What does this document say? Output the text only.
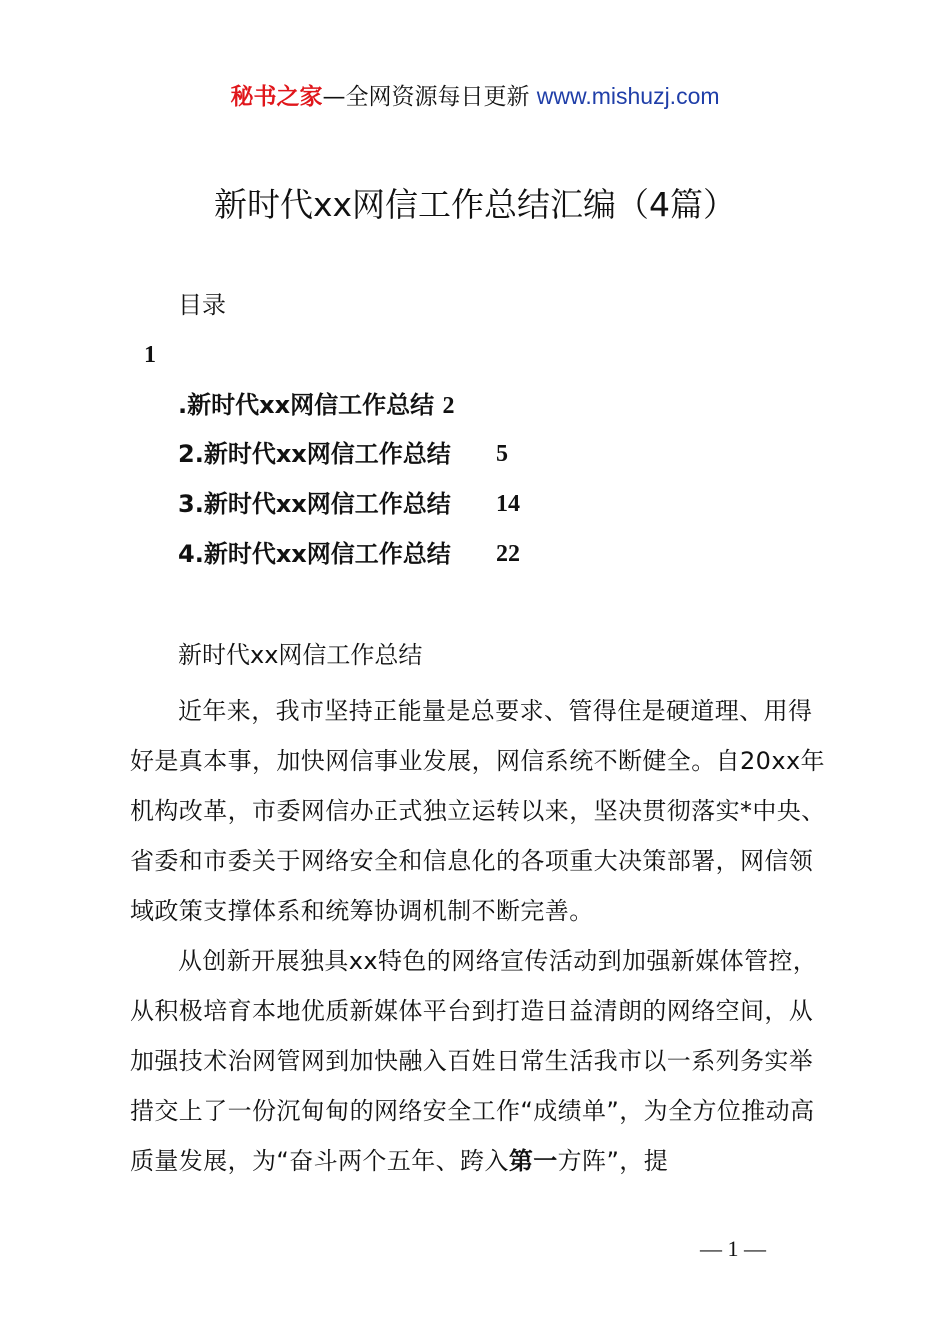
秘书之家—全网资源每日更新 www.mishuzj.com
新时代xx网信工作总结汇编（4篇）
目录
1
.新时代xx网信工作总结 2
2.新时代xx网信工作总结 5
3.新时代xx网信工作总结 14
4.新时代xx网信工作总结 22
新时代xx网信工作总结

近年来，我市坚持正能量是总要求、管得住是硬道理、用得好是真本事，加快网信事业发展，网信系统不断健全。自20xx年机构改革，市委网信办正式独立运转以来，坚决贯彻落实*中央、省委和市委关于网络安全和信息化的各项重大决策部署，网信领域政策支撑体系和统筹协调机制不断完善。

从创新开展独具xx特色的网络宣传活动到加强新媒体管控，从积极培育本地优质新媒体平台到打造日益清朗的网络空间，从加强技术治网管网到加快融入百姓日常生活我市以一系列务实举措交上了一份沉甸甸的网络安全工作“成绩单”，为全方位推动高质量发展，为“奋斗两个五年、跨入第一方阵”，提

— 1 —
